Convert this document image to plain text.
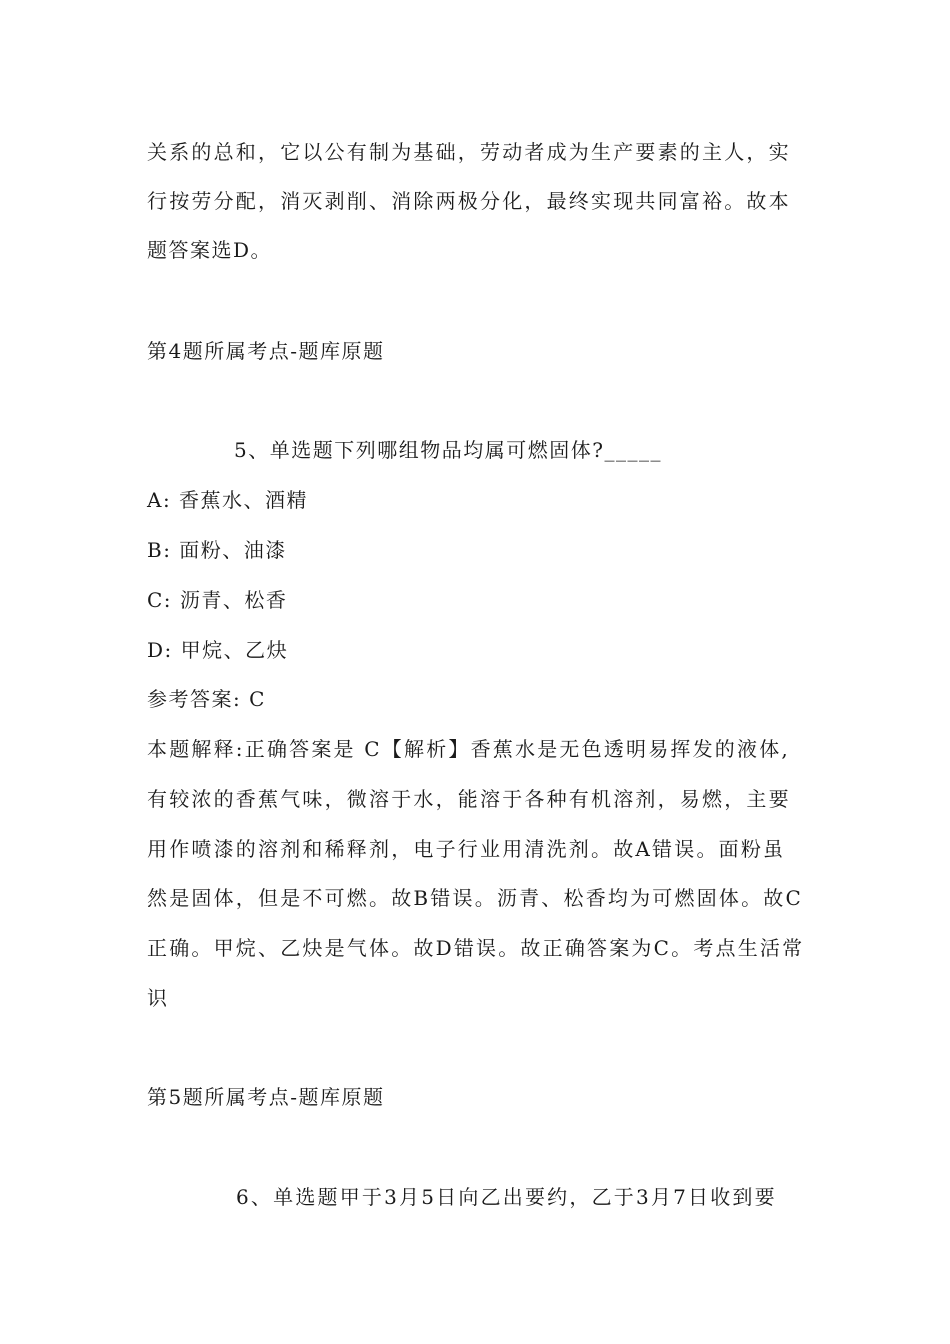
关系的总和，它以公有制为基础，劳动者成为生产要素的主人，实
行按劳分配，消灭剥削、消除两极分化，最终实现共同富裕。故本
题答案选D。
第4题所属考点-题库原题
5、单选题下列哪组物品均属可燃固体?_____
A: 香蕉水、酒精
B: 面粉、油漆
C: 沥青、松香
D: 甲烷、乙炔
参考答案: C
本题解释:正确答案是 C【解析】香蕉水是无色透明易挥发的液体,
有较浓的香蕉气味，微溶于水，能溶于各种有机溶剂，易燃，主要
用作喷漆的溶剂和稀释剂，电子行业用清洗剂。故A错误。面粉虽
然是固体，但是不可燃。故B错误。沥青、松香均为可燃固体。故C
正确。甲烷、乙炔是气体。故D错误。故正确答案为C。考点生活常
识
第5题所属考点-题库原题
6、单选题甲于3月5日向乙出要约，乙于3月7日收到要
